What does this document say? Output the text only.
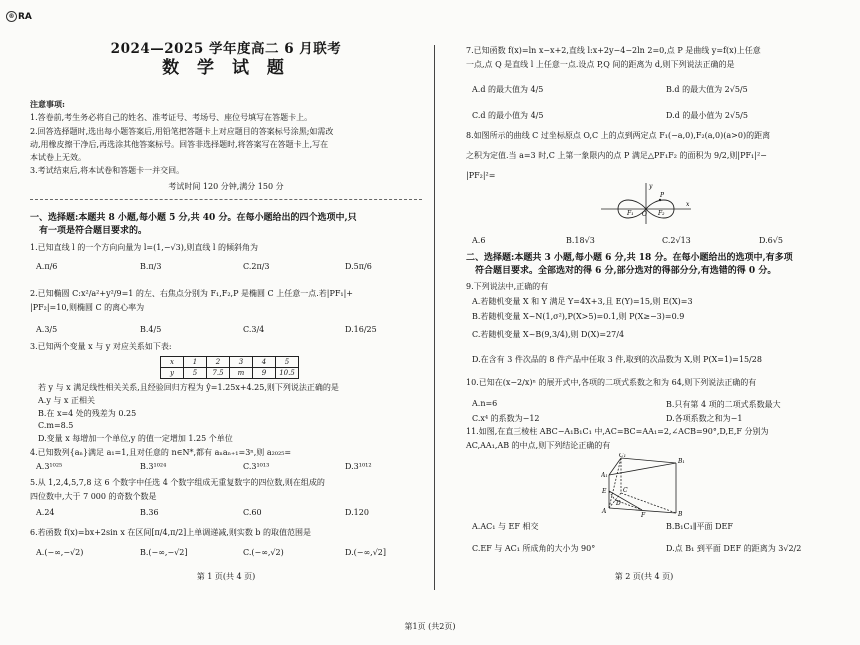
® RA
2024—2025 学年度高二 6 月联考
数 学 试 题
注意事项:
1.答卷前,考生务必将自己的姓名、准考证号、考场号、座位号填写在答题卡上。
2.回答选择题时,选出每小题答案后,用铅笔把答题卡上对应题目的答案标号涂黑;如需改
动,用橡皮擦干净后,再选涂其他答案标号。回答非选择题时,将答案写在答题卡上,写在
本试卷上无效。
3.考试结束后,将本试卷和答题卡一并交回。
考试时间 120 分钟,满分 150 分
一、选择题:本题共 8 小题,每小题 5 分,共 40 分。在每小题给出的四个选项中,只
有一项是符合题目要求的。
1.已知直线 l 的一个方向向量为 l=(1,−√3),则直线 l 的倾斜角为
A.π/6	B.π/3	C.2π/3	D.5π/6
2.已知椭圆 C:x²/a²+y²/9=1 的左、右焦点分别为 F₁,F₂,P 是椭圆 C 上任意一点.若|PF₁|+
|PF₂|=10,则椭圆 C 的离心率为
A.3/5	B.4/5	C.3/4	D.16/25
3.已知两个变量 x 与 y 对应关系如下表:
x	1	2	3	4	5
y	5	7.5	m	9	10.5
若 y 与 x 满足线性相关关系,且经验回归方程为 ŷ=1.25x+4.25,则下列说法正确的是
A.y 与 x 正相关
B.在 x=4 处的残差为 0.25
C.m=8.5
D.变量 x 每增加一个单位,y 的值一定增加 1.25 个单位
4.已知数列{aₙ}满足 a₁=1,且对任意的 n∈N*,都有 aₙaₙ₊₁=3ⁿ,则 a₂₀₂₅=
A.3¹⁰²⁵	B.3¹⁰²⁴	C.3¹⁰¹³	D.3¹⁰¹²
5.从 1,2,4,5,7,8 这 6 个数字中任选 4 个数字组成无重复数字的四位数,则在组成的
四位数中,大于 7 000 的奇数个数是
A.24	B.36	C.60	D.120
6.若函数 f(x)=bx+2sin x 在区间[π/4,π/2]上单调递减,则实数 b 的取值范围是
A.(−∞,−√2)	B.(−∞,−√2]	C.(−∞,√2)	D.(−∞,√2]
第 1 页(共 4 页)
7.已知函数 f(x)=ln x−x+2,直线 l:x+2y−4−2ln 2=0,点 P 是曲线 y=f(x)上任意
一点,点 Q 是直线 l 上任意一点.设点 P,Q 间的距离为 d,则下列说法正确的是
A.d 的最大值为 4/5	B.d 的最大值为 2√5/5
C.d 的最小值为 4/5	D.d 的最小值为 2√5/5
8.如图所示的曲线 C 过坐标原点 O,C 上的点到两定点 F₁(−a,0),F₂(a,0)(a>0)的距离
之积为定值.当 a=3 时,C 上第一象限内的点 P 满足△PF₁F₂ 的面积为 9/2,则|PF₁|²−
|PF₂|²=
y
P
F₁ O F₂
x
A.6	B.18√3	C.2√13	D.6√5
二、选择题:本题共 3 小题,每小题 6 分,共 18 分。在每小题给出的选项中,有多项
符合题目要求。全部选对的得 6 分,部分选对的得部分分,有选错的得 0 分。
9.下列说法中,正确的有
A.若随机变量 X 和 Y 满足 Y=4X+3,且 E(Y)=15,则 E(X)=3
B.若随机变量 X~N(1,σ²),P(X>5)=0.1,则 P(X≥−3)=0.9
C.若随机变量 X~B(9,3/4),则 D(X)=27/4
D.在含有 3 件次品的 8 件产品中任取 3 件,取到的次品数为 X,则 P(X=1)=15/28
10.已知在(x−2/x)ⁿ 的展开式中,各项的二项式系数之和为 64,则下列说法正确的有
A.n=6	B.只有第 4 项的二项式系数最大
C.x⁴ 的系数为−12	D.各项系数之和为−1
11.如图,在直三棱柱 ABC−A₁B₁C₁ 中,AC=BC=AA₁=2,∠ACB=90°,D,E,F 分别为
AC,AA₁,AB 的中点,则下列结论正确的有
C₁
B₁
A₁
E	C
D
A
F	B
A.AC₁ 与 EF 相交	B.B₁C₁∥平面 DEF
C.EF 与 AC₁ 所成角的大小为 90°	D.点 B₁ 到平面 DEF 的距离为 3√2/2
第 2 页(共 4 页)
第1页 (共2页)
